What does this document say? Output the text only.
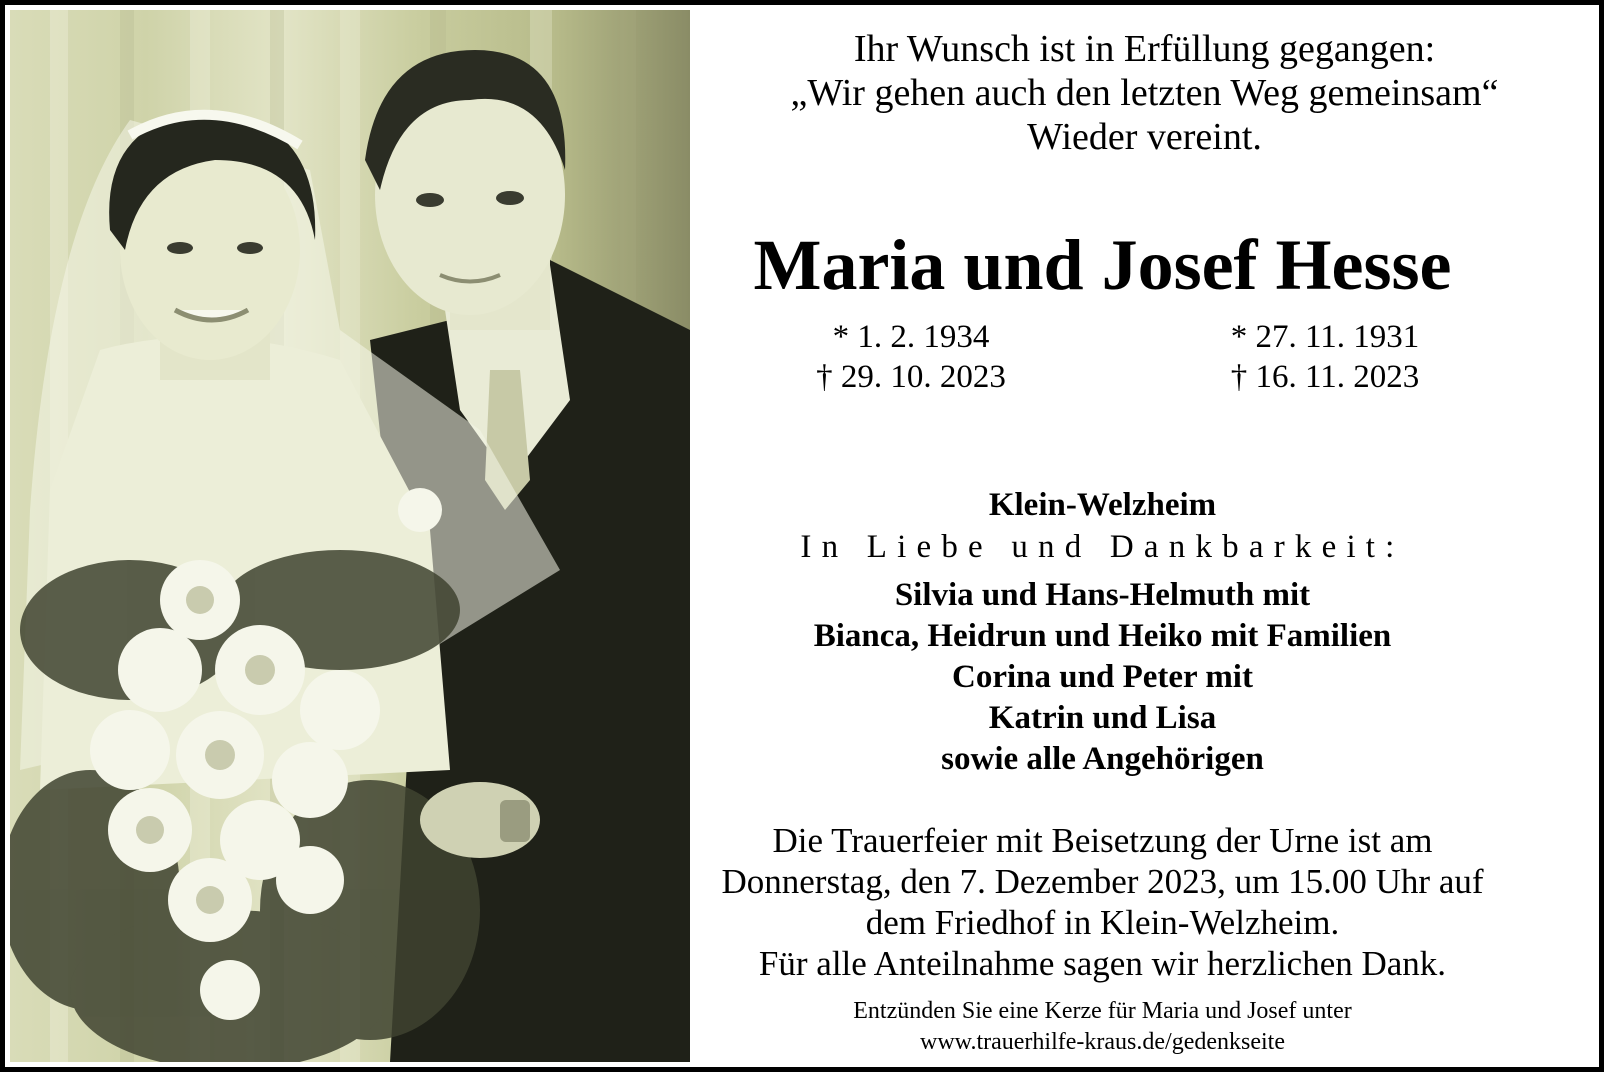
Ihr Wunsch ist in Erfüllung gegangen:
„Wir gehen auch den letzten Weg gemeinsam“
Wieder vereint.
Maria und Josef Hesse
* 1. 2. 1934
† 29. 10. 2023
* 27. 11. 1931
† 16. 11. 2023
Klein-Welzheim
In Liebe und Dankbarkeit:
Silvia und Hans-Helmuth mit
Bianca, Heidrun und Heiko mit Familien
Corina und Peter mit
Katrin und Lisa
sowie alle Angehörigen
Die Trauerfeier mit Beisetzung der Urne ist am
Donnerstag, den 7. Dezember 2023, um 15.00 Uhr auf
dem Friedhof in Klein-Welzheim.
Für alle Anteilnahme sagen wir herzlichen Dank.
Entzünden Sie eine Kerze für Maria und Josef unter
www.trauerhilfe-kraus.de/gedenkseite
